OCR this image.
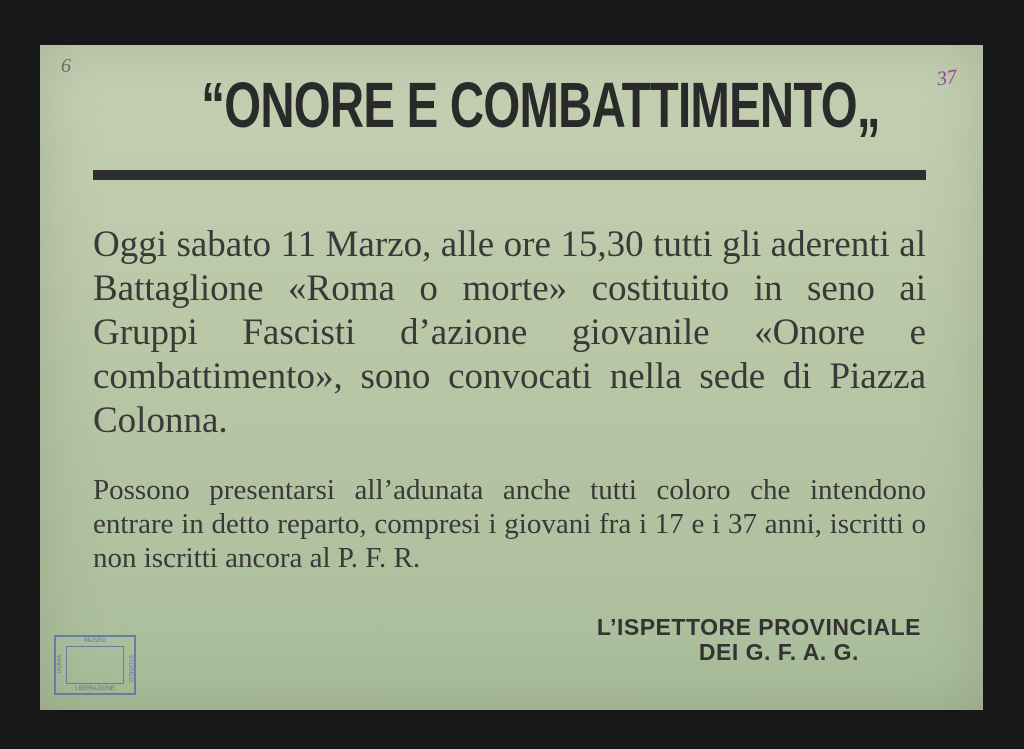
6	37
“ONORE E COMBATTIMENTO„

Oggi sabato 11 Marzo, alle ore 15,30 tutti gli aderenti al Battaglione «Roma o morte» costituito in seno ai Gruppi Fascisti d’azione giovanile «Onore e combattimento», sono convocati nella sede di Piazza Colonna.

Possono presentarsi all’adunata anche tutti coloro che intendono entrare in detto reparto, compresi i giovani fra i 17 e i 37 anni, iscritti o non iscritti ancora al P. F. R.

L’ISPETTORE PROVINCIALE
DEI G. F. A. G.
MUSEO
ROMA	STORICO
LIBERAZIONE
